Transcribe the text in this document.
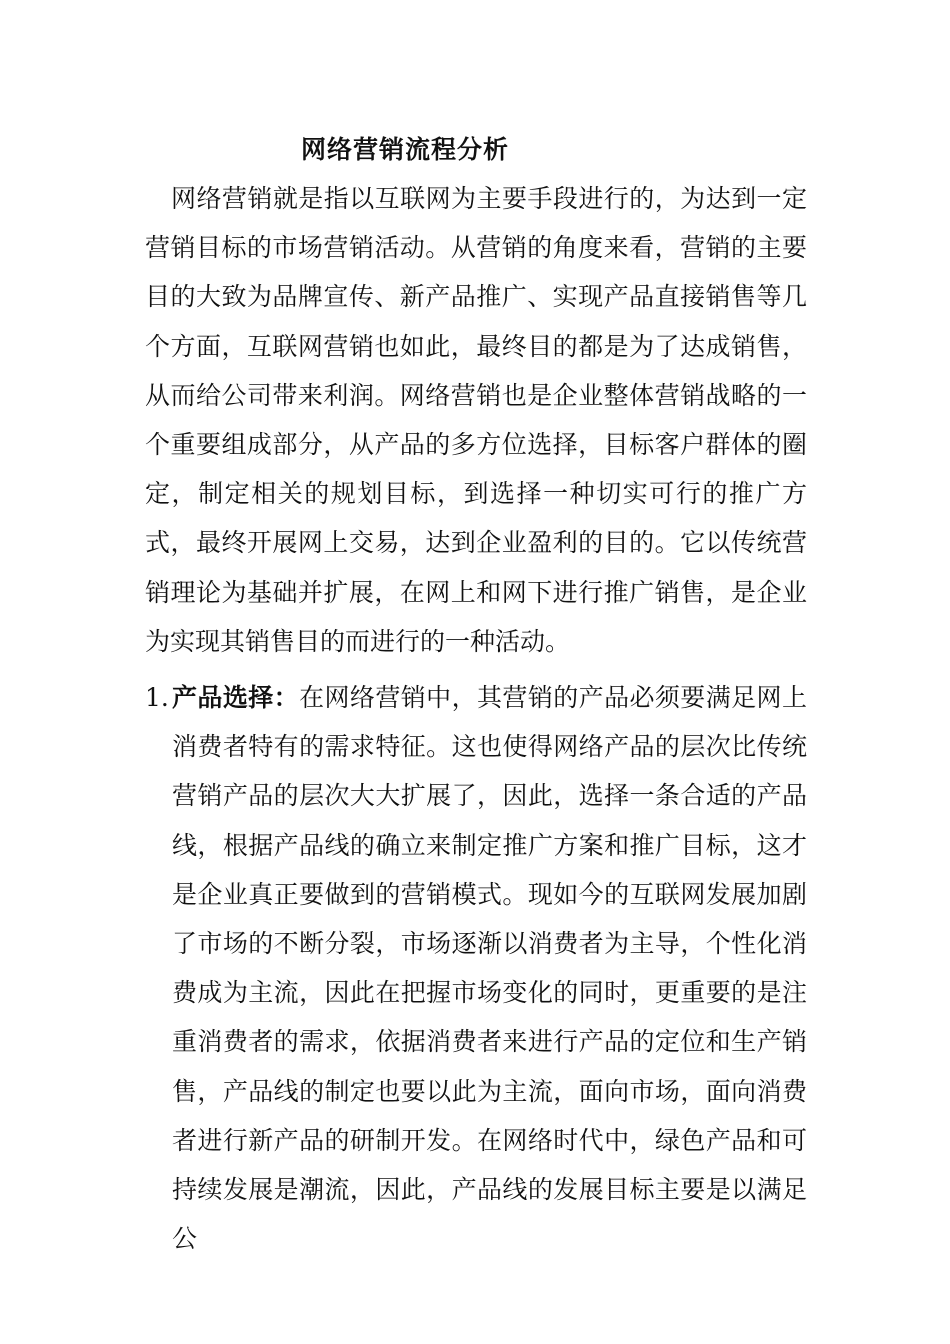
网络营销流程分析

网络营销就是指以互联网为主要手段进行的，为达到一定营销目标的市场营销活动。从营销的角度来看，营销的主要目的大致为品牌宣传、新产品推广、实现产品直接销售等几个方面，互联网营销也如此，最终目的都是为了达成销售，从而给公司带来利润。网络营销也是企业整体营销战略的一个重要组成部分，从产品的多方位选择，目标客户群体的圈定，制定相关的规划目标，到选择一种切实可行的推广方式，最终开展网上交易，达到企业盈利的目的。它以传统营销理论为基础并扩展，在网上和网下进行推广销售，是企业为实现其销售目的而进行的一种活动。

1. 产品选择：在网络营销中，其营销的产品必须要满足网上消费者特有的需求特征。这也使得网络产品的层次比传统营销产品的层次大大扩展了，因此，选择一条合适的产品线，根据产品线的确立来制定推广方案和推广目标，这才是企业真正要做到的营销模式。现如今的互联网发展加剧了市场的不断分裂，市场逐渐以消费者为主导，个性化消费成为主流，因此在把握市场变化的同时，更重要的是注重消费者的需求，依据消费者来进行产品的定位和生产销售，产品线的制定也要以此为主流，面向市场，面向消费者进行新产品的研制开发。在网络时代中，绿色产品和可持续发展是潮流，因此，产品线的发展目标主要是以满足公
